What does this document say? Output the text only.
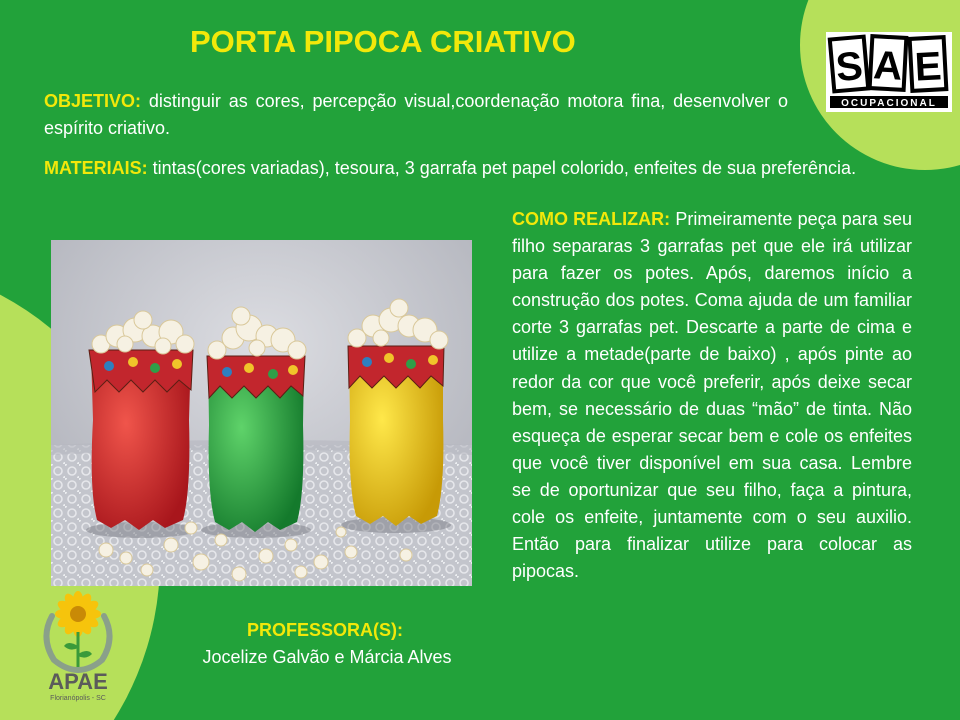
PORTA PIPOCA CRIATIVO
OBJETIVO: distinguir as cores, percepção visual,coordenação motora fina, desenvolver o espírito criativo.
MATERIAIS: tintas(cores variadas), tesoura, 3 garrafa pet papel colorido, enfeites de sua preferência.
COMO REALIZAR: Primeiramente peça para seu filho separaras 3 garrafas pet que ele irá utilizar para fazer os potes. Após, daremos início a construção dos potes. Coma ajuda de um familiar corte 3 garrafas pet. Descarte a parte de cima e utilize a metade(parte de baixo) , após pinte ao redor da cor que você preferir, após deixe secar bem, se necessário de duas “mão” de tinta. Não esqueça de esperar secar bem e cole os enfeites que você tiver disponível em sua casa. Lembre se de oportunizar que seu filho, faça a pintura, cole os enfeite, juntamente com o seu auxilio. Então para finalizar utilize para colocar as pipocas.
PROFESSORA(S):
Jocelize Galvão e Márcia Alves
S A E
OCUPACIONAL
APAE
Florianópolis - SC
